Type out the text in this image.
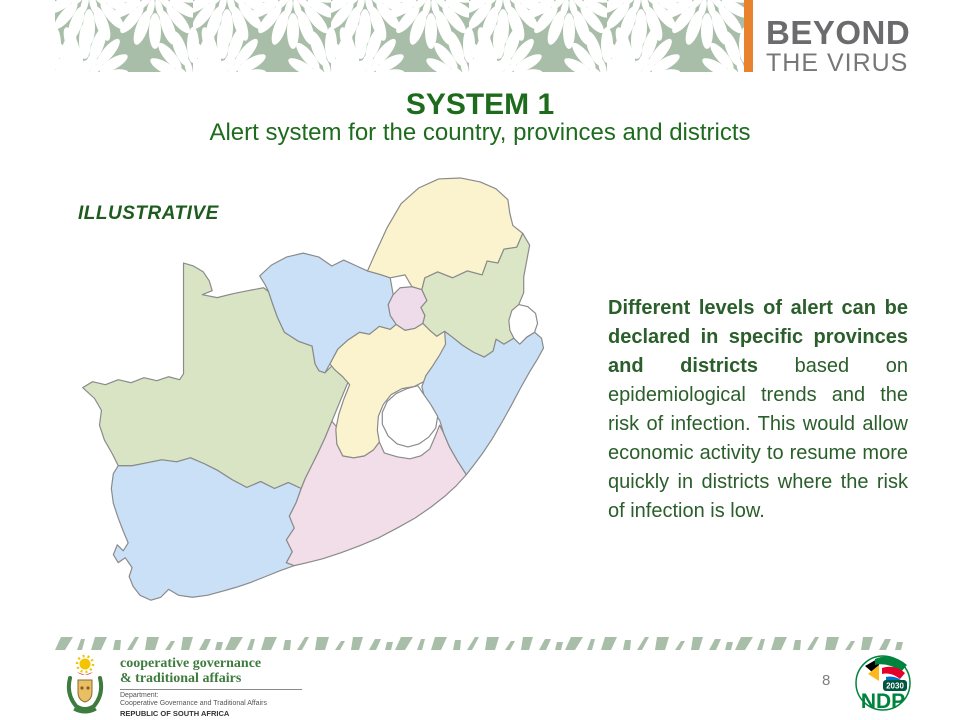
BEYOND
THE VIRUS
SYSTEM 1
Alert system for the country, provinces and districts
ILLUSTRATIVE
Different levels of alert can be declared in specific provinces and districts based on epidemiological trends and the risk of infection. This would allow economic activity to resume more quickly in districts where the risk of infection is low.
cooperative governance
& traditional affairs
Department:
Cooperative Governance and Traditional Affairs
REPUBLIC OF SOUTH AFRICA
8	2030
NDP
